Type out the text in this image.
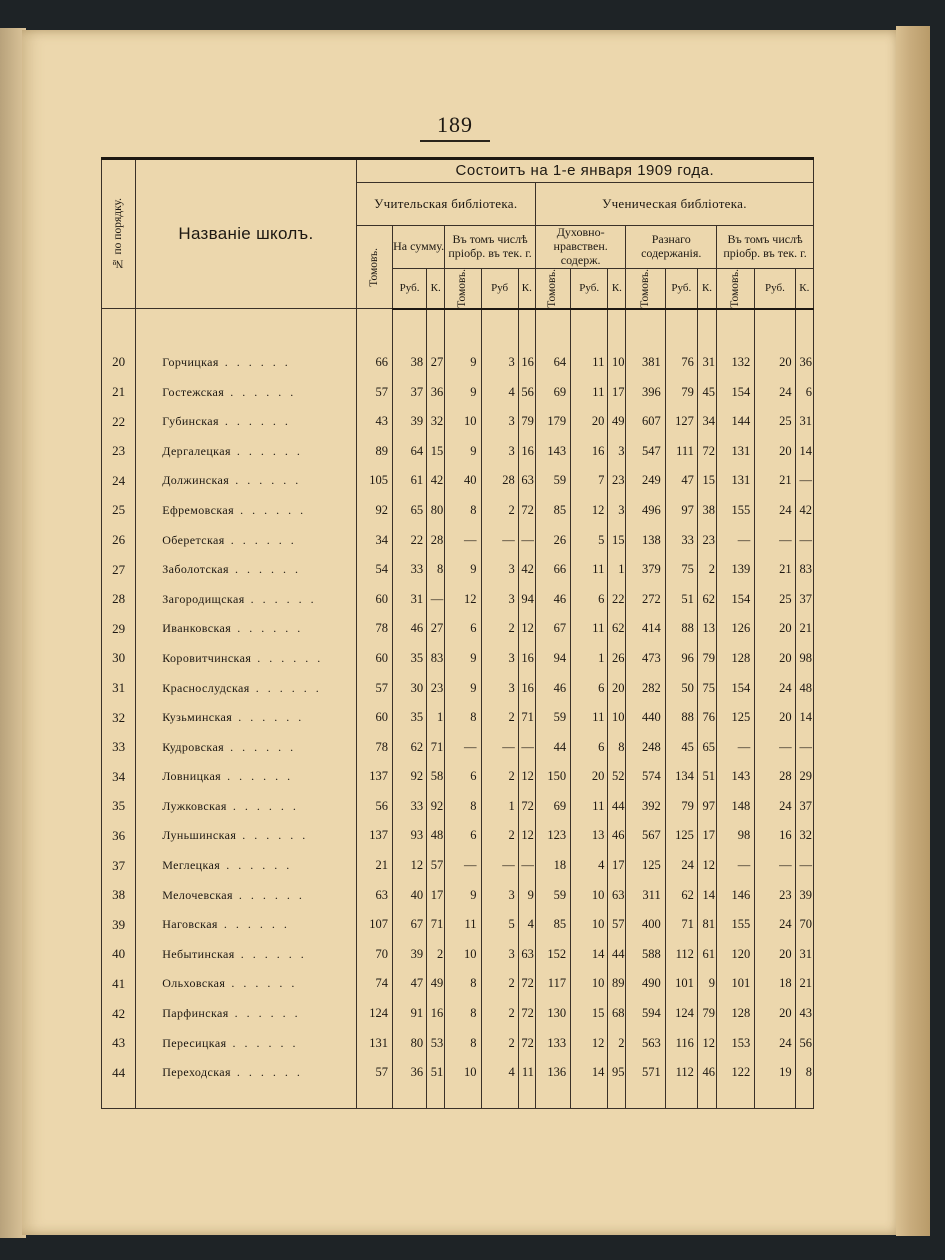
189
№ по порядку.	Названіе школъ.	Состоитъ на 1-е января 1909 года.														
		Учительская библіотека.						Ученическая библіотека.								

		Томовъ.	На сумму.		Въ томъ числѣ пріобр. въ тек. г.			Духовно-нравствен. содерж.			Разнаго содержанія.			Въ томъ числѣ пріобр. въ тек. г.		
			Руб.	К.	Томовъ.	Руб	К.	Томовъ.	Руб.	К.	Томовъ.	Руб.	К.	Томовъ.	Руб.	К.

20	Горчицкая . . . . . .	66	38	27	9	3	16	64	11	10	381	76	31	132	20	36
21	Гостежская . . . . . .	57	37	36	9	4	56	69	11	17	396	79	45	154	24	6
22	Губинская . . . . . .	43	39	32	10	3	79	179	20	49	607	127	34	144	25	31
23	Дергалецкая . . . . . .	89	64	15	9	3	16	143	16	3	547	111	72	131	20	14
24	Должинская . . . . . .	105	61	42	40	28	63	59	7	23	249	47	15	131	21	—
25	Ефремовская . . . . . .	92	65	80	8	2	72	85	12	3	496	97	38	155	24	42
26	Оберетская . . . . . .	34	22	28	—	—	—	26	5	15	138	33	23	—	—	—
27	Заболотская . . . . . .	54	33	8	9	3	42	66	11	1	379	75	2	139	21	83
28	Загородищская . . . . . .	60	31	—	12	3	94	46	6	22	272	51	62	154	25	37
29	Иванковская . . . . . .	78	46	27	6	2	12	67	11	62	414	88	13	126	20	21
30	Коровитчинская . . . . . .	60	35	83	9	3	16	94	1	26	473	96	79	128	20	98
31	Краснослудская . . . . . .	57	30	23	9	3	16	46	6	20	282	50	75	154	24	48
32	Кузьминская . . . . . .	60	35	1	8	2	71	59	11	10	440	88	76	125	20	14
33	Кудровская . . . . . .	78	62	71	—	—	—	44	6	8	248	45	65	—	—	—
34	Ловницкая . . . . . .	137	92	58	6	2	12	150	20	52	574	134	51	143	28	29
35	Лужковская . . . . . .	56	33	92	8	1	72	69	11	44	392	79	97	148	24	37
36	Луньшинская . . . . . .	137	93	48	6	2	12	123	13	46	567	125	17	98	16	32
37	Меглецкая . . . . . .	21	12	57	—	—	—	18	4	17	125	24	12	—	—	—
38	Мелочевская . . . . . .	63	40	17	9	3	9	59	10	63	311	62	14	146	23	39
39	Наговская . . . . . .	107	67	71	11	5	4	85	10	57	400	71	81	155	24	70
40	Небытинская . . . . . .	70	39	2	10	3	63	152	14	44	588	112	61	120	20	31
41	Ольховская . . . . . .	74	47	49	8	2	72	117	10	89	490	101	9	101	18	21
42	Парфинская . . . . . .	124	91	16	8	2	72	130	15	68	594	124	79	128	20	43
43	Пересицкая . . . . . .	131	80	53	8	2	72	133	12	2	563	116	12	153	24	56
44	Переходская . . . . . .	57	36	51	10	4	11	136	14	95	571	112	46	122	19	8
